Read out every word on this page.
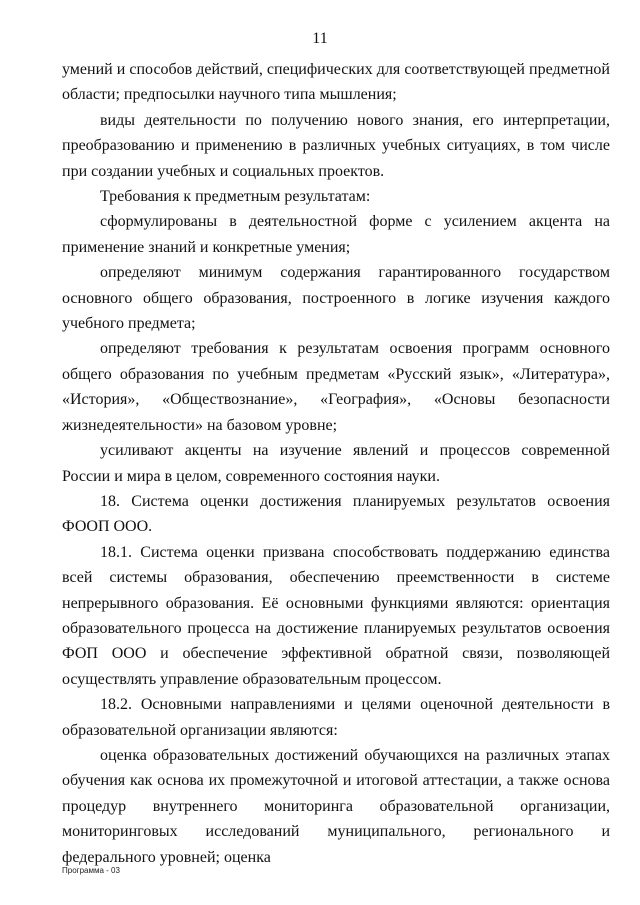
11

умений и способов действий, специфических для соответствующей предметной области; предпосылки научного типа мышления;

виды деятельности по получению нового знания, его интерпретации, преобразованию и применению в различных учебных ситуациях, в том числе при создании учебных и социальных проектов.

Требования к предметным результатам:

сформулированы в деятельностной форме с усилением акцента на применение знаний и конкретные умения;

определяют минимум содержания гарантированного государством основного общего образования, построенного в логике изучения каждого учебного предмета;

определяют требования к результатам освоения программ основного общего образования по учебным предметам «Русский язык», «Литература», «История», «Обществознание», «География», «Основы безопасности жизнедеятельности» на базовом уровне;

усиливают акценты на изучение явлений и процессов современной России и мира в целом, современного состояния науки.

18. Система оценки достижения планируемых результатов освоения ФООП ООО.

18.1. Система оценки призвана способствовать поддержанию единства всей системы образования, обеспечению преемственности в системе непрерывного образования. Её основными функциями являются: ориентация образовательного процесса на достижение планируемых результатов освоения ФОП ООО и обеспечение эффективной обратной связи, позволяющей осуществлять управление образовательным процессом.

18.2. Основными направлениями и целями оценочной деятельности в образовательной организации являются:

оценка образовательных достижений обучающихся на различных этапах обучения как основа их промежуточной и итоговой аттестации, а также основа процедур внутреннего мониторинга образовательной организации, мониторинговых исследований муниципального, регионального и федерального уровней; оценка

Программа - 03
